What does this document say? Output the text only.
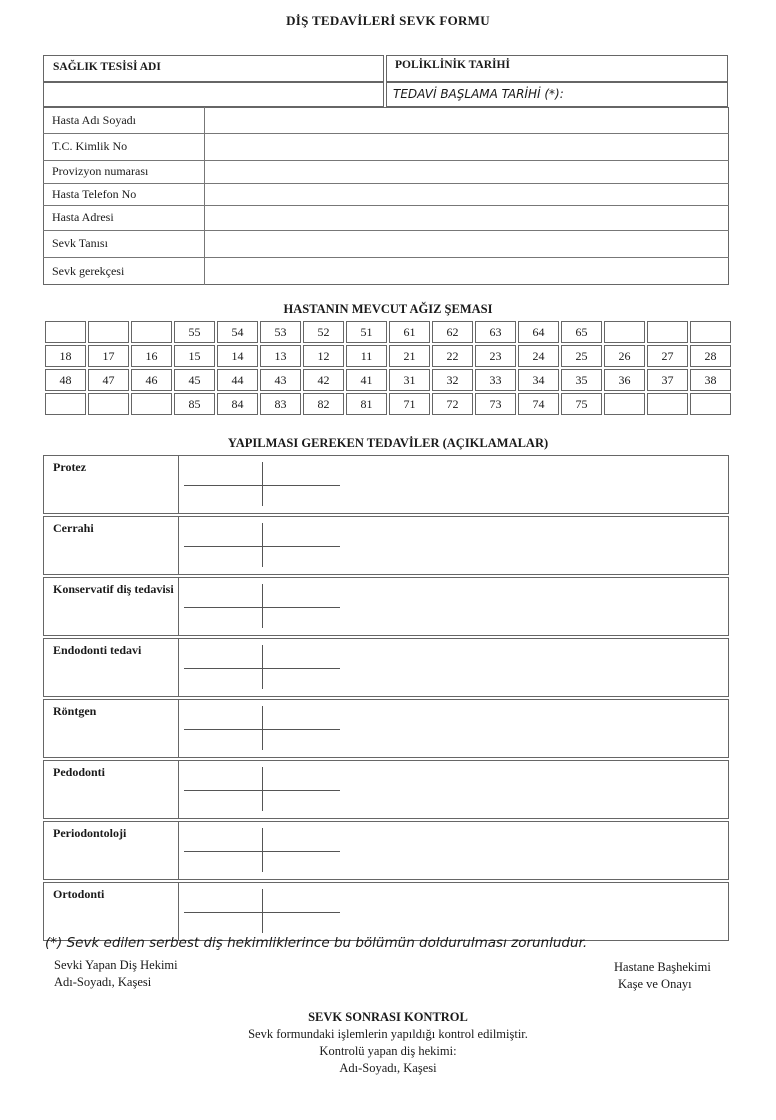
DİŞ TEDAVİLERİ SEVK FORMU
SAĞLIK TESİSİ ADI	POLİKLİNİK TARİHİ
TEDAVİ BAŞLAMA TARİHİ (*):
Hasta Adı Soyadı
T.C. Kimlik No
Provizyon numarası
Hasta Telefon No
Hasta Adresi
Sevk Tanısı
Sevk gerekçesi
HASTANIN MEVCUT AĞIZ ŞEMASI
			55	54	53	52	51	61	62	63	64	65			
18	17	16	15	14	13	12	11	21	22	23	24	25	26	27	28
48	47	46	45	44	43	42	41	31	32	33	34	35	36	37	38
			85	84	83	82	81	71	72	73	74	75			
YAPILMASI GEREKEN TEDAVİLER (AÇIKLAMALAR)
Protez
Cerrahi
Konservatif diş tedavisi
Endodonti tedavi
Röntgen
Pedodonti
Periodontoloji
Ortodonti
(*) Sevk edilen serbest diş hekimliklerince bu bölümün doldurulması zorunludur.
Sevki Yapan Diş Hekimi
Adı-Soyadı, Kaşesi
Hastane Başhekimi
Kaşe ve Onayı
SEVK SONRASI KONTROL
Sevk formundaki işlemlerin yapıldığı kontrol edilmiştir.
Kontrolü yapan diş hekimi:
Adı-Soyadı, Kaşesi
